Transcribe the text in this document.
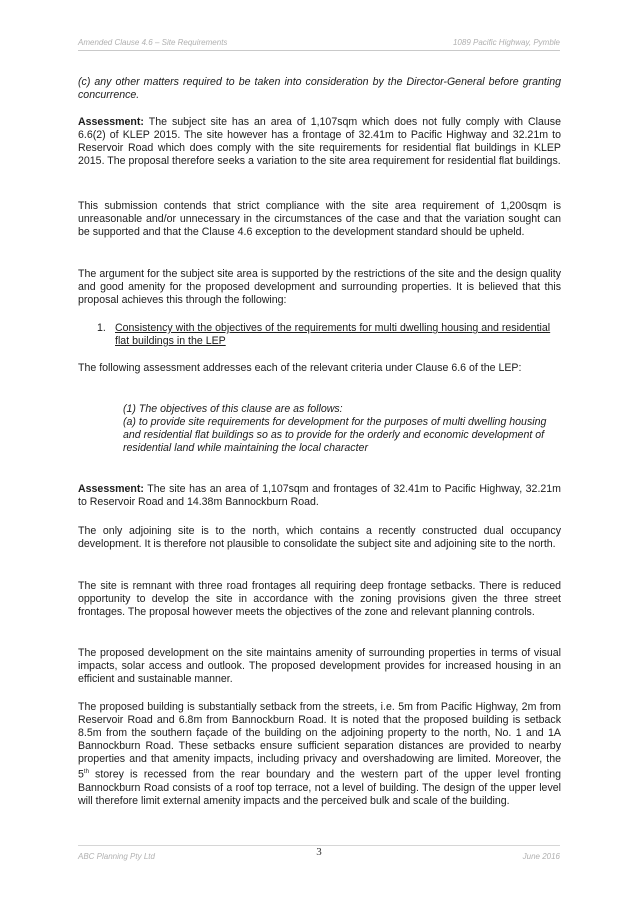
Amended Clause 4.6 – Site Requirements	1089 Pacific Highway, Pymble

(c) any other matters required to be taken into consideration by the Director-General before granting concurrence.

Assessment: The subject site has an area of 1,107sqm which does not fully comply with Clause 6.6(2) of KLEP 2015. The site however has a frontage of 32.41m to Pacific Highway and 32.21m to Reservoir Road which does comply with the site requirements for residential flat buildings in KLEP 2015. The proposal therefore seeks a variation to the site area requirement for residential flat buildings.

This submission contends that strict compliance with the site area requirement of 1,200sqm is unreasonable and/or unnecessary in the circumstances of the case and that the variation sought can be supported and that the Clause 4.6 exception to the development standard should be upheld.

The argument for the subject site area is supported by the restrictions of the site and the design quality and good amenity for the proposed development and surrounding properties. It is believed that this proposal achieves this through the following:

1. Consistency with the objectives of the requirements for multi dwelling housing and residential flat buildings in the LEP

The following assessment addresses each of the relevant criteria under Clause 6.6 of the LEP:

(1) The objectives of this clause are as follows:

(a) to provide site requirements for development for the purposes of multi dwelling housing and residential flat buildings so as to provide for the orderly and economic development of residential land while maintaining the local character

Assessment: The site has an area of 1,107sqm and frontages of 32.41m to Pacific Highway, 32.21m to Reservoir Road and 14.38m Bannockburn Road.

The only adjoining site is to the north, which contains a recently constructed dual occupancy development. It is therefore not plausible to consolidate the subject site and adjoining site to the north.

The site is remnant with three road frontages all requiring deep frontage setbacks. There is reduced opportunity to develop the site in accordance with the zoning provisions given the three street frontages. The proposal however meets the objectives of the zone and relevant planning controls.

The proposed development on the site maintains amenity of surrounding properties in terms of visual impacts, solar access and outlook. The proposed development provides for increased housing in an efficient and sustainable manner.

The proposed building is substantially setback from the streets, i.e. 5m from Pacific Highway, 2m from Reservoir Road and 6.8m from Bannockburn Road. It is noted that the proposed building is setback 8.5m from the southern façade of the building on the adjoining property to the north, No. 1 and 1A Bannockburn Road. These setbacks ensure sufficient separation distances are provided to nearby properties and that amenity impacts, including privacy and overshadowing are limited. Moreover, the 5th storey is recessed from the rear boundary and the western part of the upper level fronting Bannockburn Road consists of a roof top terrace, not a level of building. The design of the upper level will therefore limit external amenity impacts and the perceived bulk and scale of the building.

ABC Planning Pty Ltd	3	June 2016
